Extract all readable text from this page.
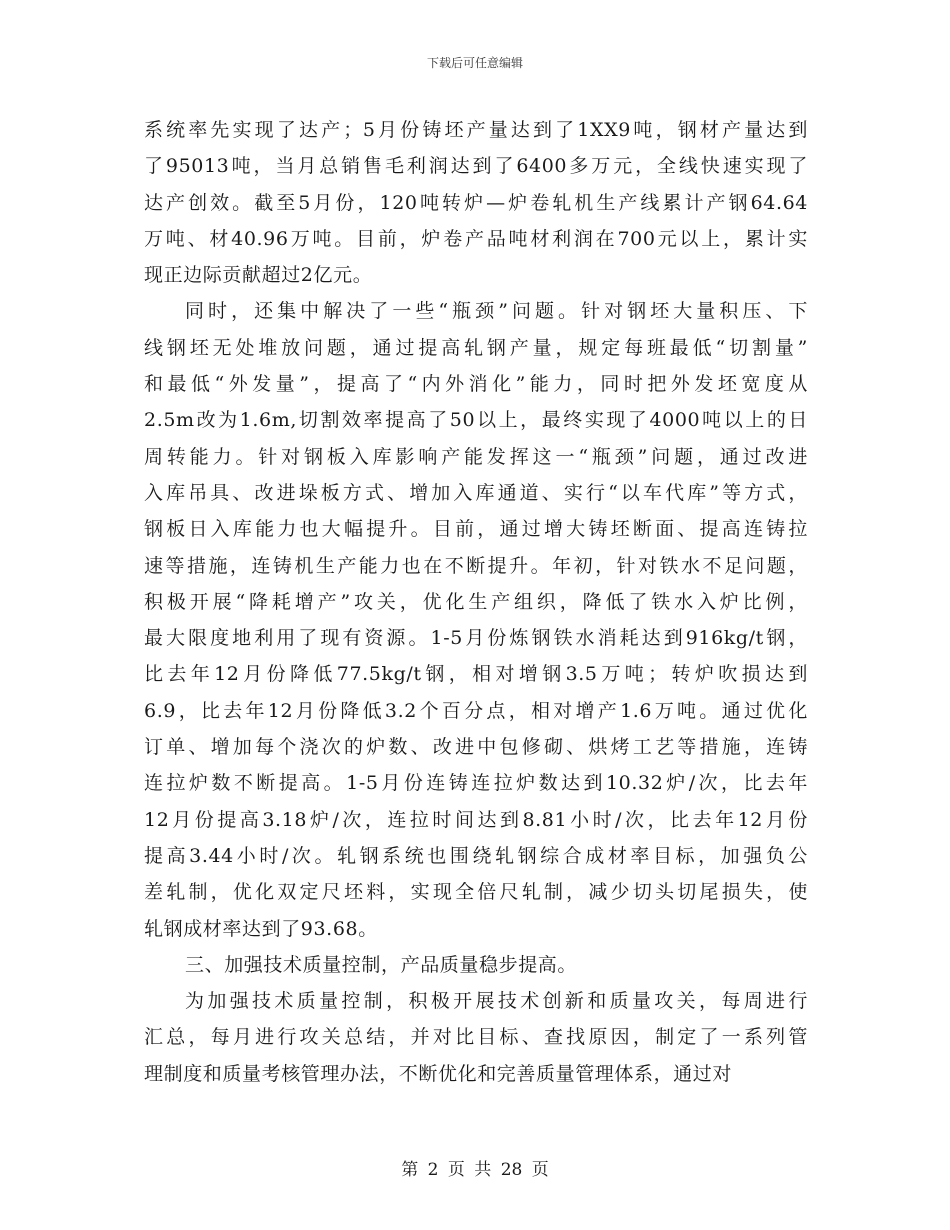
下载后可任意编辑
系统率先实现了达产；5月份铸坯产量达到了1XX9吨，钢材产量达到
了95013吨，当月总销售毛利润达到了6400多万元，全线快速实现了
达产创效。截至5月份，120吨转炉—炉卷轧机生产线累计产钢64.64
万吨、材40.96万吨。目前，炉卷产品吨材利润在700元以上，累计实
现正边际贡献超过2亿元。
同时，还集中解决了一些“瓶颈”问题。针对钢坯大量积压、下
线钢坯无处堆放问题，通过提高轧钢产量，规定每班最低“切割量”
和最低“外发量”，提高了“内外消化”能力，同时把外发坯宽度从
2.5m改为1.6m,切割效率提高了50以上，最终实现了4000吨以上的日
周转能力。针对钢板入库影响产能发挥这一“瓶颈”问题，通过改进
入库吊具、改进垛板方式、增加入库通道、实行“以车代库”等方式，
钢板日入库能力也大幅提升。目前，通过增大铸坯断面、提高连铸拉
速等措施，连铸机生产能力也在不断提升。年初，针对铁水不足问题，
积极开展“降耗增产”攻关，优化生产组织，降低了铁水入炉比例，
最大限度地利用了现有资源。1-5月份炼钢铁水消耗达到916kg/t钢，
比去年12月份降低77.5kg/t钢，相对增钢3.5万吨；转炉吹损达到
6.9，比去年12月份降低3.2个百分点，相对增产1.6万吨。通过优化
订单、增加每个浇次的炉数、改进中包修砌、烘烤工艺等措施，连铸
连拉炉数不断提高。1-5月份连铸连拉炉数达到10.32炉/次，比去年
12月份提高3.18炉/次，连拉时间达到8.81小时/次，比去年12月份
提高3.44小时/次。轧钢系统也围绕轧钢综合成材率目标，加强负公
差轧制，优化双定尺坯料，实现全倍尺轧制，减少切头切尾损失，使
轧钢成材率达到了93.68。
三、加强技术质量控制，产品质量稳步提高。
为加强技术质量控制，积极开展技术创新和质量攻关，每周进行
汇总，每月进行攻关总结，并对比目标、查找原因，制定了一系列管
理制度和质量考核管理办法，不断优化和完善质量管理体系，通过对
第 2 页 共 28 页
